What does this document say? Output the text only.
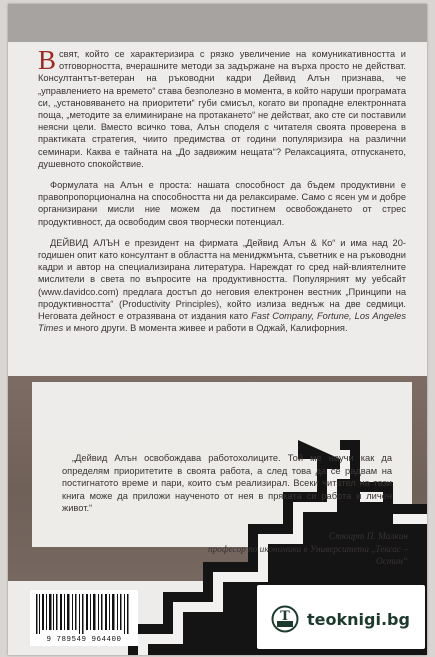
В свят, който се характеризира с рязко увеличение на комуникативността и отговорността, вчерашните методи за задържане на върха просто не действат. Консултантът-ветеран на ръководни кадри Дейвид Алън признава, че „управлението на времето“ става безполезно в момента, в който наруши програмата си, „установяването на приоритети“ губи смисъл, когато ви пропадне електронната поща, „методите за елиминиране на протакането“ не действат, ако сте си поставили неясни цели. Вместо всичко това, Алън споделя с читателя своята проверена в практиката стратегия, чиито предимства от години популяризира на различни семинари. Каква е тайната на „До задвижим нещата“? Релаксацията, отпускането, душевното спокойствие.

Формулата на Алън е проста: нашата способност да бъдем продуктивни е правопропорционална на способността ни да релаксираме. Само с ясен ум и добре организирани мисли ние можем да постигнем освобождането от стрес продуктивност, да освободим своя творчески потенциал.

ДЕЙВИД АЛЪН е президент на фирмата „Дейвид Алън & Ко“ и има над 20-годишен опит като консултант в областта на мениджмънта, съветник е на ръководни кадри и автор на специализирана литература. Нареждат го сред най-влиятелните мислители в света по въпросите на продуктивността. Популярният му уебсайт (www.davidco.com) предлага достъп до неговия електронен вестник „Принципи на продуктивността“ (Productivity Principles), който излиза веднъж на две седмици. Неговата дейност е отразявана от издания като Fast Company, Fortune, Los Angeles Times и много други. В момента живее и работи в Оджай, Калифорния.

„Дейвид Алън освобождава работохолиците. Той ме научи как да определям приоритетите в своята работа, а след това да се радвам на постигнатото време и пари, които съм реализирал. Всеки читател на тази книга може да приложи наученото от нея в пряката си работа и личен живот.“
Стюарт П. Малкин
професор по икономика в Университета „Тексас – Остин“
9 789549 964400
T teoknigi.bg
